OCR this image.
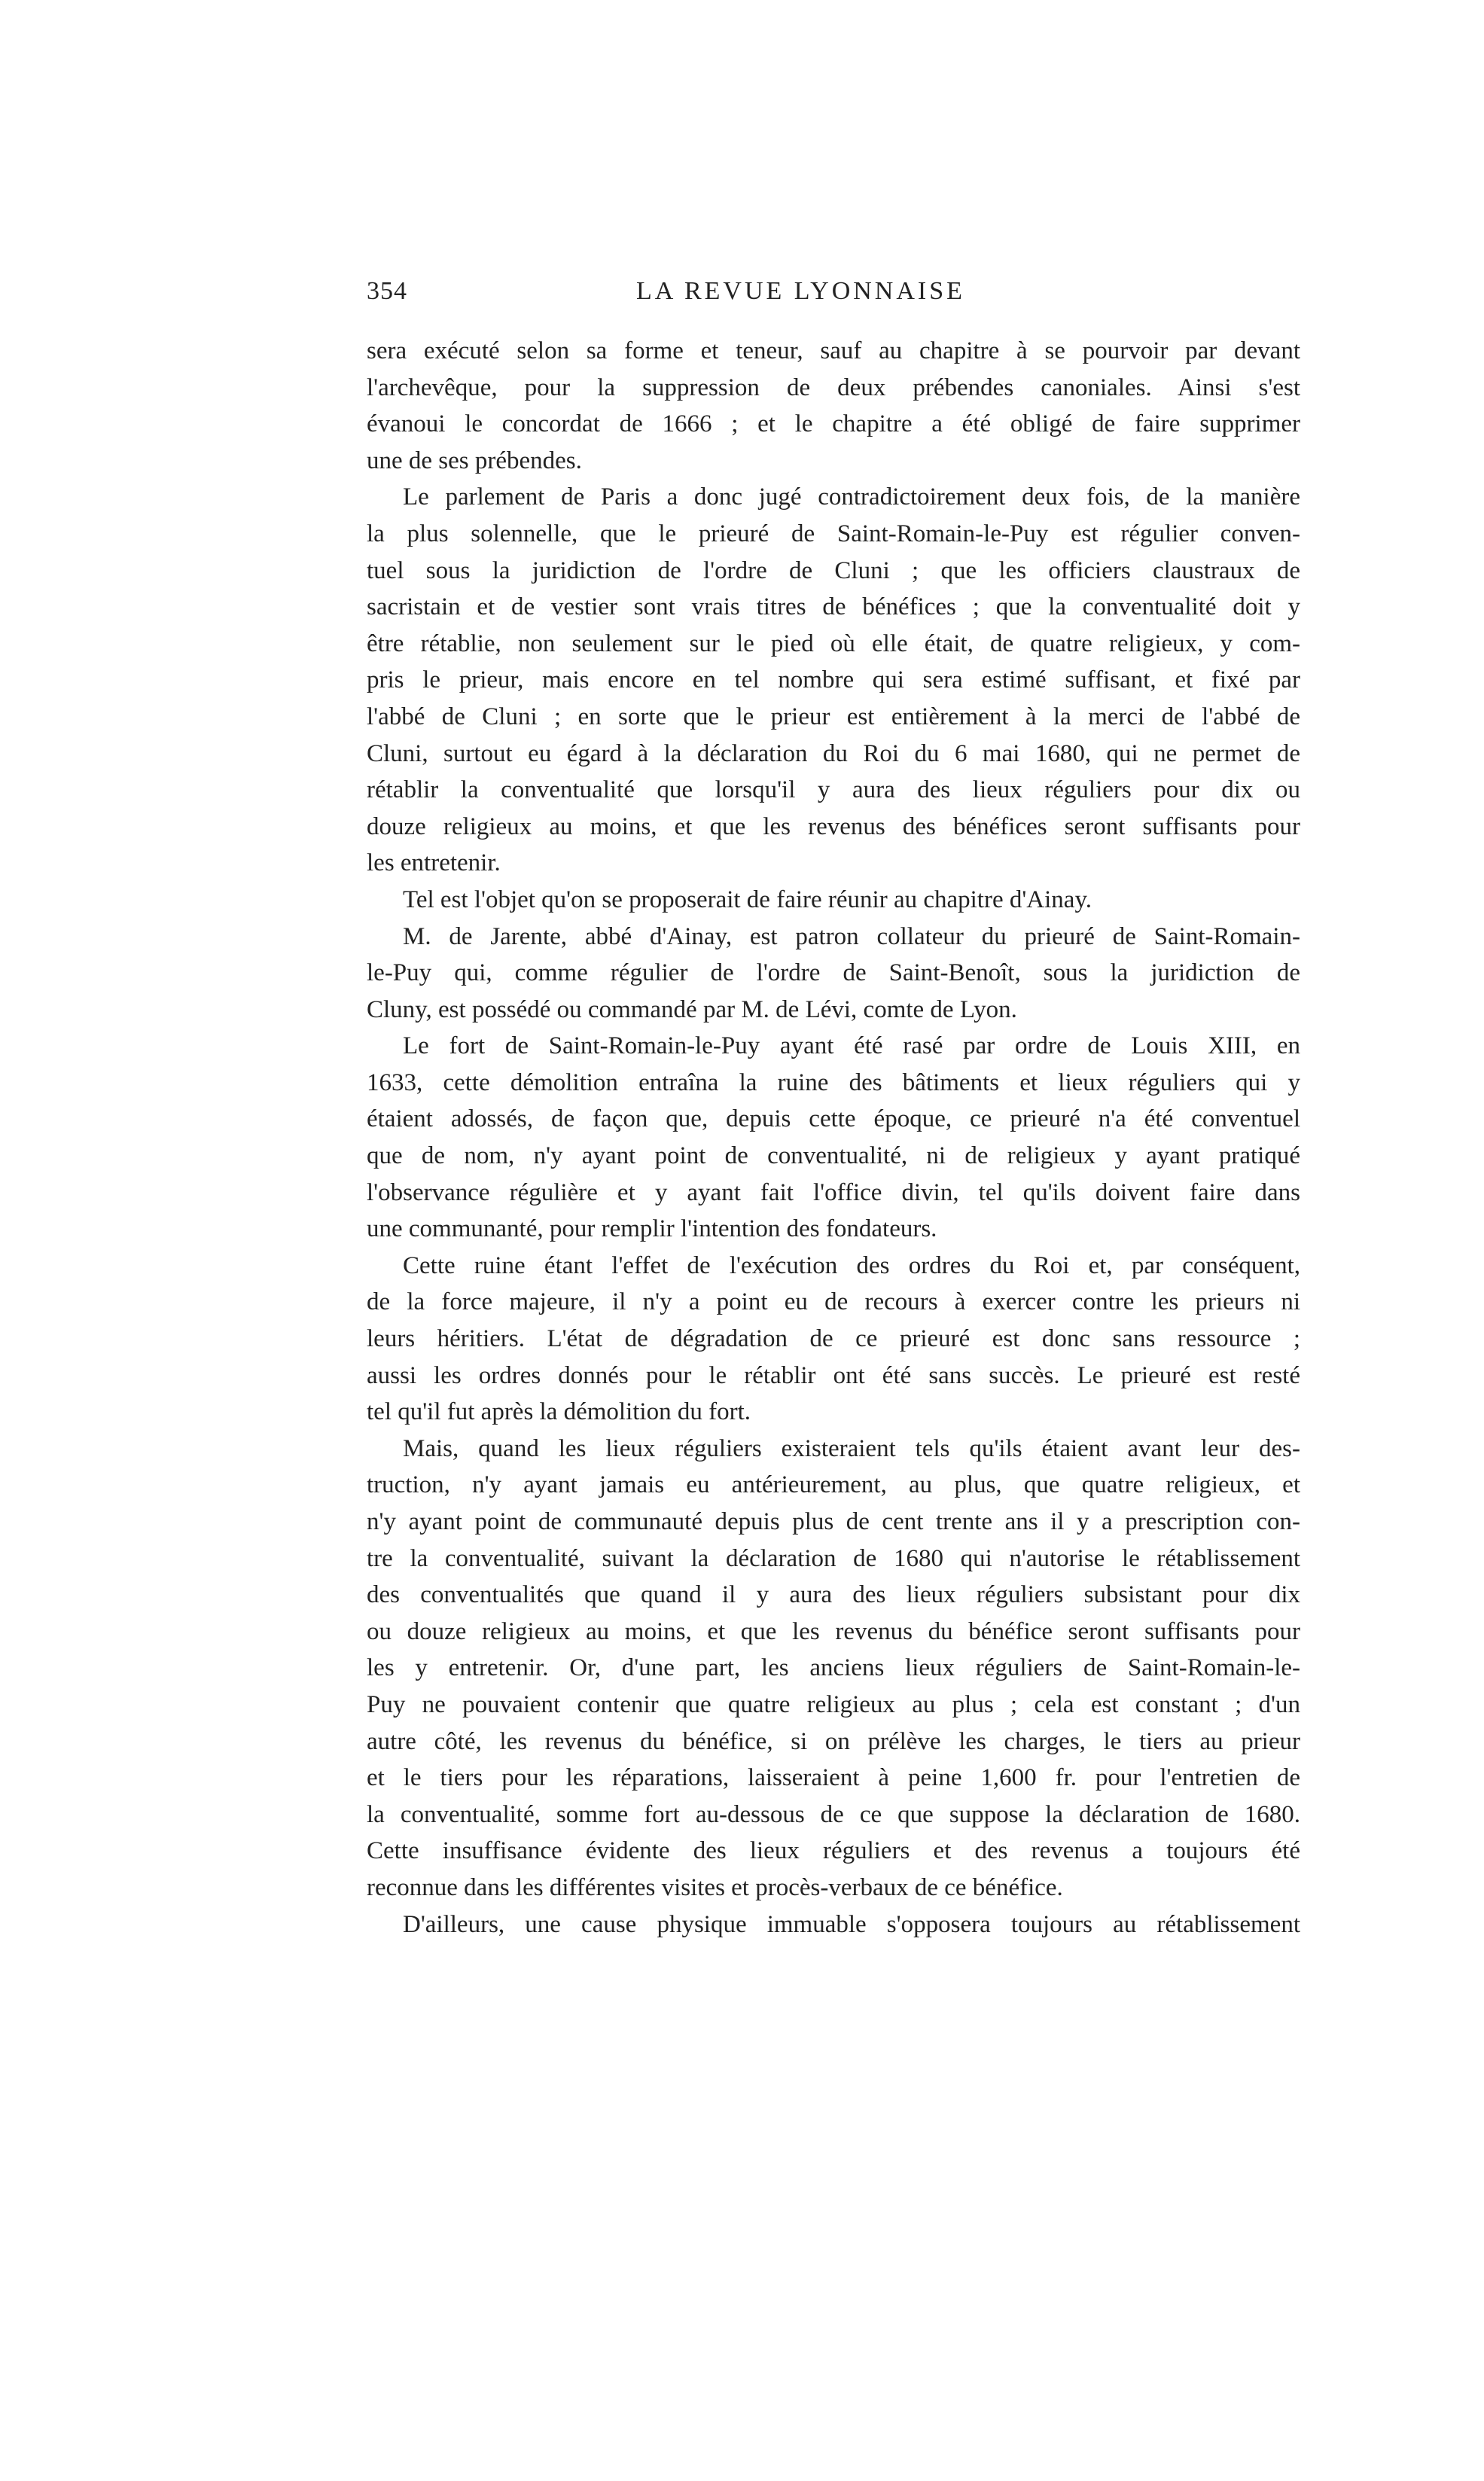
354	LA REVUE LYONNAISE
sera exécuté selon sa forme et teneur, sauf au chapitre à se pourvoir par devant
l'archevêque, pour la suppression de deux prébendes canoniales. Ainsi s'est
évanoui le concordat de 1666 ; et le chapitre a été obligé de faire supprimer
une de ses prébendes.
Le parlement de Paris a donc jugé contradictoirement deux fois, de la manière
la plus solennelle, que le prieuré de Saint-Romain-le-Puy est régulier conven-
tuel sous la juridiction de l'ordre de Cluni ; que les officiers claustraux de
sacristain et de vestier sont vrais titres de bénéfices ; que la conventualité doit y
être rétablie, non seulement sur le pied où elle était, de quatre religieux, y com-
pris le prieur, mais encore en tel nombre qui sera estimé suffisant, et fixé par
l'abbé de Cluni ; en sorte que le prieur est entièrement à la merci de l'abbé de
Cluni, surtout eu égard à la déclaration du Roi du 6 mai 1680, qui ne permet de
rétablir la conventualité que lorsqu'il y aura des lieux réguliers pour dix ou
douze religieux au moins, et que les revenus des bénéfices seront suffisants pour
les entretenir.
Tel est l'objet qu'on se proposerait de faire réunir au chapitre d'Ainay.
M. de Jarente, abbé d'Ainay, est patron collateur du prieuré de Saint-Romain-
le-Puy qui, comme régulier de l'ordre de Saint-Benoît, sous la juridiction de
Cluny, est possédé ou commandé par M. de Lévi, comte de Lyon.
Le fort de Saint-Romain-le-Puy ayant été rasé par ordre de Louis XIII, en
1633, cette démolition entraîna la ruine des bâtiments et lieux réguliers qui y
étaient adossés, de façon que, depuis cette époque, ce prieuré n'a été conventuel
que de nom, n'y ayant point de conventualité, ni de religieux y ayant pratiqué
l'observance régulière et y ayant fait l'office divin, tel qu'ils doivent faire dans
une communanté, pour remplir l'intention des fondateurs.
Cette ruine étant l'effet de l'exécution des ordres du Roi et, par conséquent,
de la force majeure, il n'y a point eu de recours à exercer contre les prieurs ni
leurs héritiers. L'état de dégradation de ce prieuré est donc sans ressource ;
aussi les ordres donnés pour le rétablir ont été sans succès. Le prieuré est resté
tel qu'il fut après la démolition du fort.
Mais, quand les lieux réguliers existeraient tels qu'ils étaient avant leur des-
truction, n'y ayant jamais eu antérieurement, au plus, que quatre religieux, et
n'y ayant point de communauté depuis plus de cent trente ans il y a prescription con-
tre la conventualité, suivant la déclaration de 1680 qui n'autorise le rétablissement
des conventualités que quand il y aura des lieux réguliers subsistant pour dix
ou douze religieux au moins, et que les revenus du bénéfice seront suffisants pour
les y entretenir. Or, d'une part, les anciens lieux réguliers de Saint-Romain-le-
Puy ne pouvaient contenir que quatre religieux au plus ; cela est constant ; d'un
autre côté, les revenus du bénéfice, si on prélève les charges, le tiers au prieur
et le tiers pour les réparations, laisseraient à peine 1,600 fr. pour l'entretien de
la conventualité, somme fort au-dessous de ce que suppose la déclaration de 1680.
Cette insuffisance évidente des lieux réguliers et des revenus a toujours été
reconnue dans les différentes visites et procès-verbaux de ce bénéfice.
D'ailleurs, une cause physique immuable s'opposera toujours au rétablissement
